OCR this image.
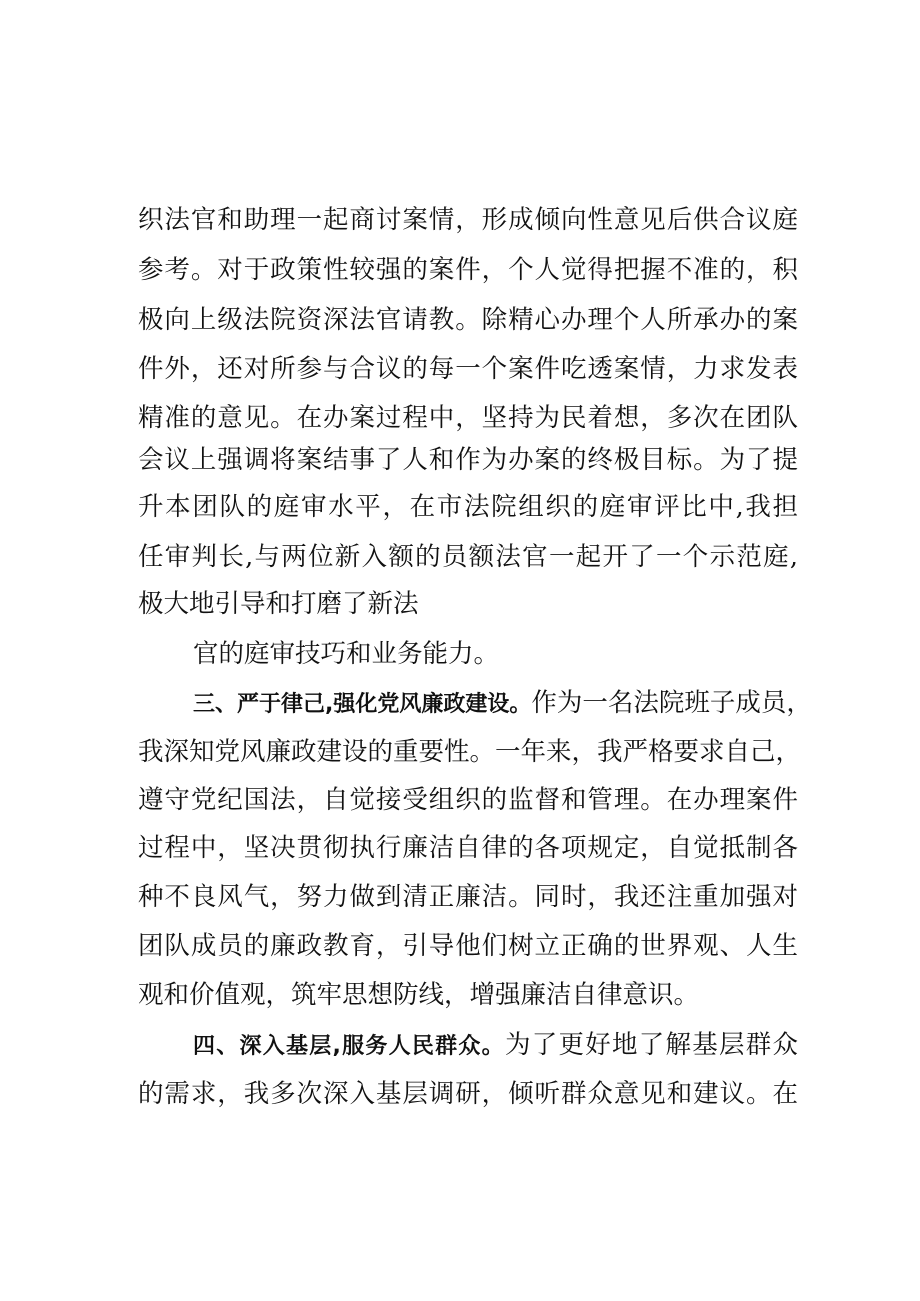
织法官和助理一起商讨案情，形成倾向性意见后供合议庭
参考。对于政策性较强的案件，个人觉得把握不准的，积
极向上级法院资深法官请教。除精心办理个人所承办的案
件外，还对所参与合议的每一个案件吃透案情，力求发表
精准的意见。在办案过程中，坚持为民着想，多次在团队
会议上强调将案结事了人和作为办案的终极目标。为了提
升本团队的庭审水平，在市法院组织的庭审评比中,我担
任审判长,与两位新入额的员额法官一起开了一个示范庭,
极大地引导和打磨了新法
官的庭审技巧和业务能力。
三、严于律己,强化党风廉政建设。作为一名法院班子成员，
我深知党风廉政建设的重要性。一年来，我严格要求自己，
遵守党纪国法，自觉接受组织的监督和管理。在办理案件
过程中，坚决贯彻执行廉洁自律的各项规定，自觉抵制各
种不良风气，努力做到清正廉洁。同时，我还注重加强对
团队成员的廉政教育，引导他们树立正确的世界观、人生
观和价值观，筑牢思想防线，增强廉洁自律意识。
四、深入基层,服务人民群众。为了更好地了解基层群众
的需求，我多次深入基层调研，倾听群众意见和建议。在
